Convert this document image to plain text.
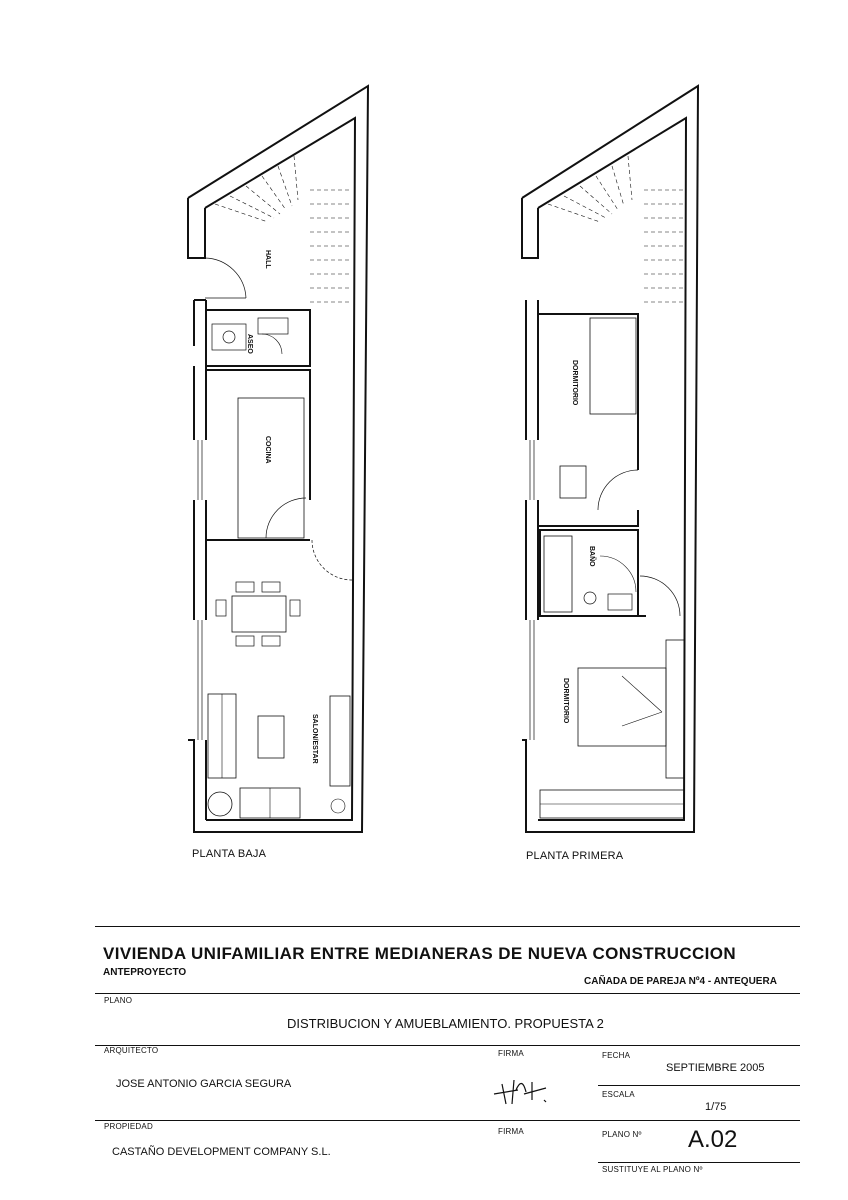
HALL
ASEO
COCINA
SALON/ESTAR
DORMITORIO
BAÑO
DORMITORIO
PLANTA BAJA	PLANTA PRIMERA
VIVIENDA UNIFAMILIAR ENTRE MEDIANERAS DE NUEVA CONSTRUCCION
ANTEPROYECTO
CAÑADA DE PAREJA Nº4 - ANTEQUERA
PLANO
DISTRIBUCION Y AMUEBLAMIENTO. PROPUESTA 2
ARQUITECTO	FIRMA	FECHA
JOSE ANTONIO GARCIA SEGURA
SEPTIEMBRE 2005
ESCALA
1/75
PROPIEDAD
FIRMA	PLANO Nº A.02
CASTAÑO DEVELOPMENT COMPANY S.L.
SUSTITUYE AL PLANO Nº
